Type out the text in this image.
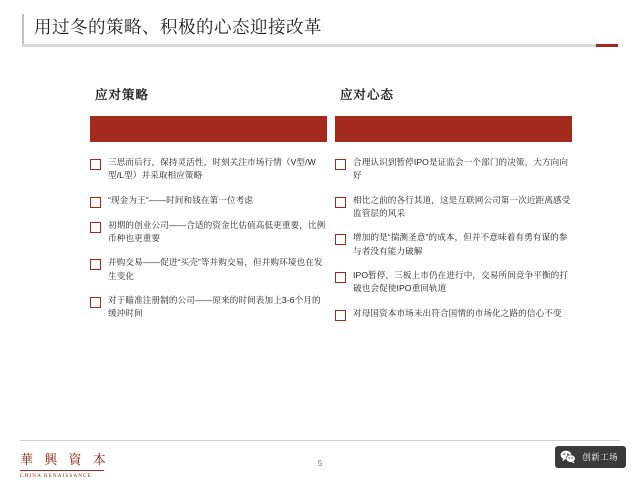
用过冬的策略、积极的心态迎接改革
应对策略
三思而后行，保持灵活性，时刻关注市场行情（V型/W型/L型）并采取相应策略
“现金为王”——时间和钱在第一位考虑
初期的创业公司——合适的资金比估值高低更重要，比例币种也更重要
并购交易——促进“买壳”等并购交易，但并购环境也在发生变化
对于瞄准注册制的公司——原来的时间表加上3-6个月的缓冲时间
应对心态
合理认识到暂停IPO是证监会一个部门的决策，大方向向好
相比之前的各行其道，这是互联网公司第一次近距离感受监管层的风采
增加的是“揣测圣意”的成本，但并不意味着有勇有谋的参与者没有能力破解
IPO暂停，三板上市仍在进行中，交易所间竞争平衡的打破也会促使IPO重回轨道
对母国资本市场未出符合国情的市场化之路的信心不变
華 興 資 本
CHINA RENAISSANCE
5
创新工场
